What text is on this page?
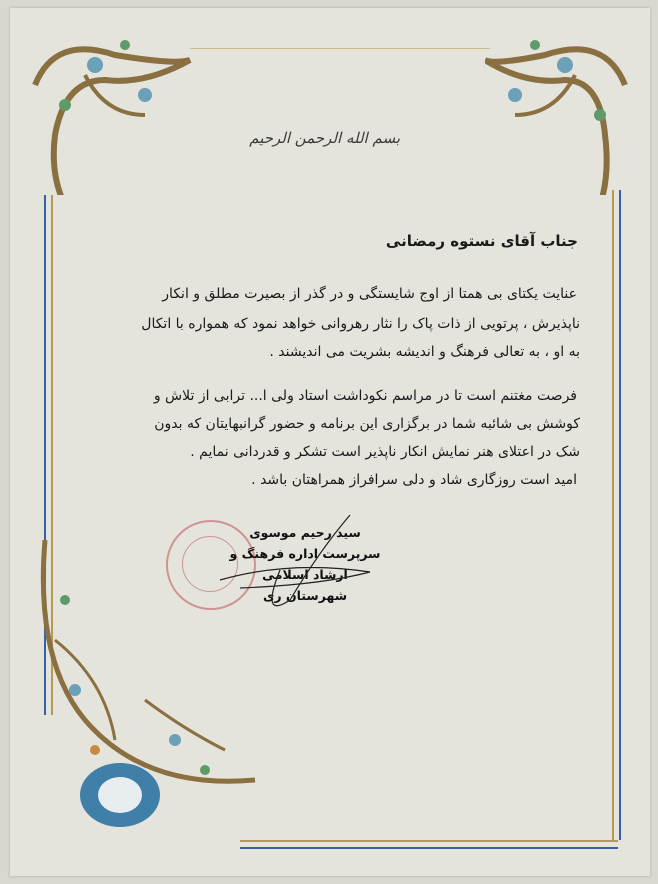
بسم الله الرحمن الرحیم
جناب آقای نستوه رمضانی
عنایت یکتای بی همتا از اوج شایستگی و در گذر از بصیرت مطلق و انکار
ناپذیرش ، پرتویی از ذات پاک را نثار رهروانی خواهد نمود که همواره با اتکال
به او ، به تعالی فرهنگ و اندیشه بشریت می اندیشند .
فرصت مغتنم است تا در مراسم نکوداشت استاد ولی ا... ترابی از تلاش و
کوشش بی شائبه شما در برگزاری این برنامه و حضور گرانبهایتان که بدون
شک در اعتلای هنر نمایش انکار ناپذیر است تشکر و قدردانی نمایم .
امید است روزگاری شاد و دلی سرافراز همراهتان باشد .
سید رحیم موسوی
سرپرست اداره فرهنگ و ارشاد اسلامی
شهرستان ری
